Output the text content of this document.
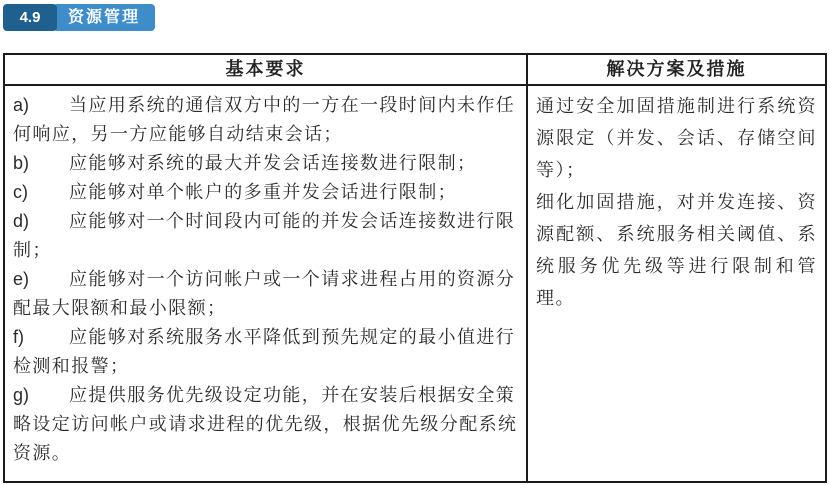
4.9 资源管理
基本要求	解决方案及措施
a) 当应用系统的通信双方中的一方在一段时间内未作任何响应，另一方应能够自动结束会话；
b) 应能够对系统的最大并发会话连接数进行限制；
c) 应能够对单个帐户的多重并发会话进行限制；
d) 应能够对一个时间段内可能的并发会话连接数进行限制；
e) 应能够对一个访问帐户或一个请求进程占用的资源分配最大限额和最小限额；
f)	应能够对系统服务水平降低到预先规定的最小值进行检测和报警；
g) 应提供服务优先级设定功能，并在安装后根据安全策略设定访问帐户或请求进程的优先级，根据优先级分配系统资源。

通过安全加固措施制进行系统资源限定（并发、会话、存储空间等）；

细化加固措施，对并发连接、资源配额、系统服务相关阈值、系统服务优先级等进行限制和管理。
